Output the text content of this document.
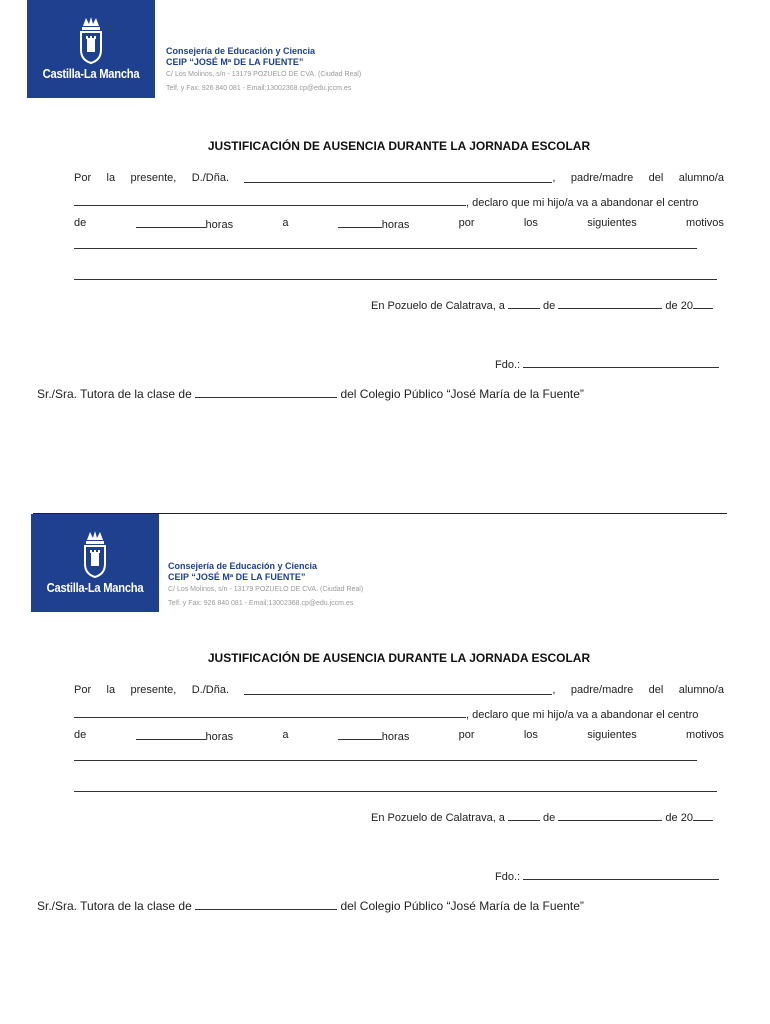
Castilla-La Mancha
Consejería de Educación y Ciencia
CEIP “JOSÉ Mª DE LA FUENTE”
C/ Los Molinos, s/n - 13179 POZUELO DE CVA. (Ciudad Real)
Telf. y Fax: 926 840 081 - Email:13002368.cp@edu.jccm.es
JUSTIFICACIÓN DE AUSENCIA DURANTE LA JORNADA ESCOLAR
Por la presente, D./Dña.	, padre/madre del alumno/a
, declaro que mi hijo/a va a abandonar el centro
de	horas	a	horas	por	los	siguientes	motivos
En Pozuelo de Calatrava, a	de	de 20
Fdo.:
Sr./Sra. Tutora de la clase de	del Colegio Público “José María de la Fuente”
Castilla-La Mancha
Consejería de Educación y Ciencia
CEIP “JOSÉ Mª DE LA FUENTE”
C/ Los Molinos, s/n - 13179 POZUELO DE CVA. (Ciudad Real)
Telf. y Fax: 926 840 081 - Email:13002368.cp@edu.jccm.es
JUSTIFICACIÓN DE AUSENCIA DURANTE LA JORNADA ESCOLAR
Por la presente, D./Dña.	, padre/madre del alumno/a
, declaro que mi hijo/a va a abandonar el centro
de	horas	a	horas	por	los	siguientes	motivos
En Pozuelo de Calatrava, a	de	de 20
Fdo.:
Sr./Sra. Tutora de la clase de	del Colegio Público “José María de la Fuente”
